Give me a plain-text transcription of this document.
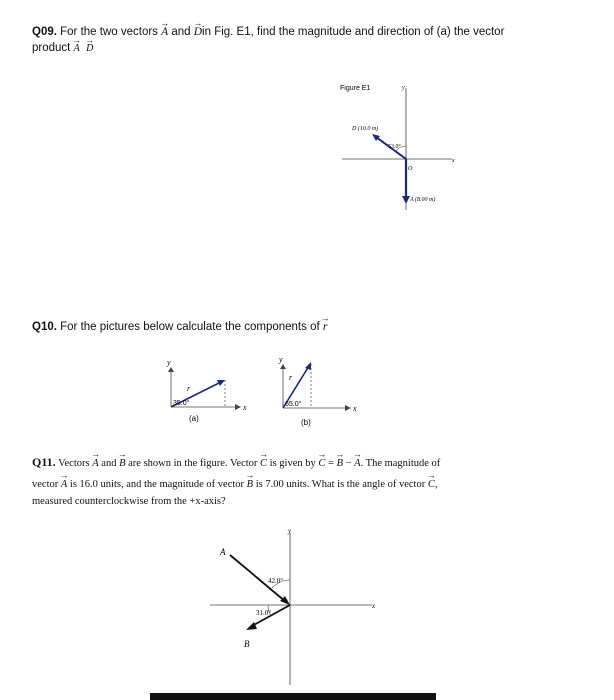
Q09. For the two vectors → A and → Din Fig. E1, find the magnitude and direction of (a) the vector
product → A  → D
Figure E1	y
x
D (10.0 m)
53.0°
O
A (8.00 m)
Q10. For the pictures below calculate the components of → r
y
x
r
35.0°
(a)
y
x
r
65.0°
(b)
Q11. Vectors → A and → B are shown in the figure. Vector → C is given by → C = → B − → A. The magnitude of
vector → A is 16.0 units, and the magnitude of vector → B is 7.00 units. What is the angle of vector → C,
measured counterclockwise from the +x-axis?
y
x
A
42.0°
B
31.0°
